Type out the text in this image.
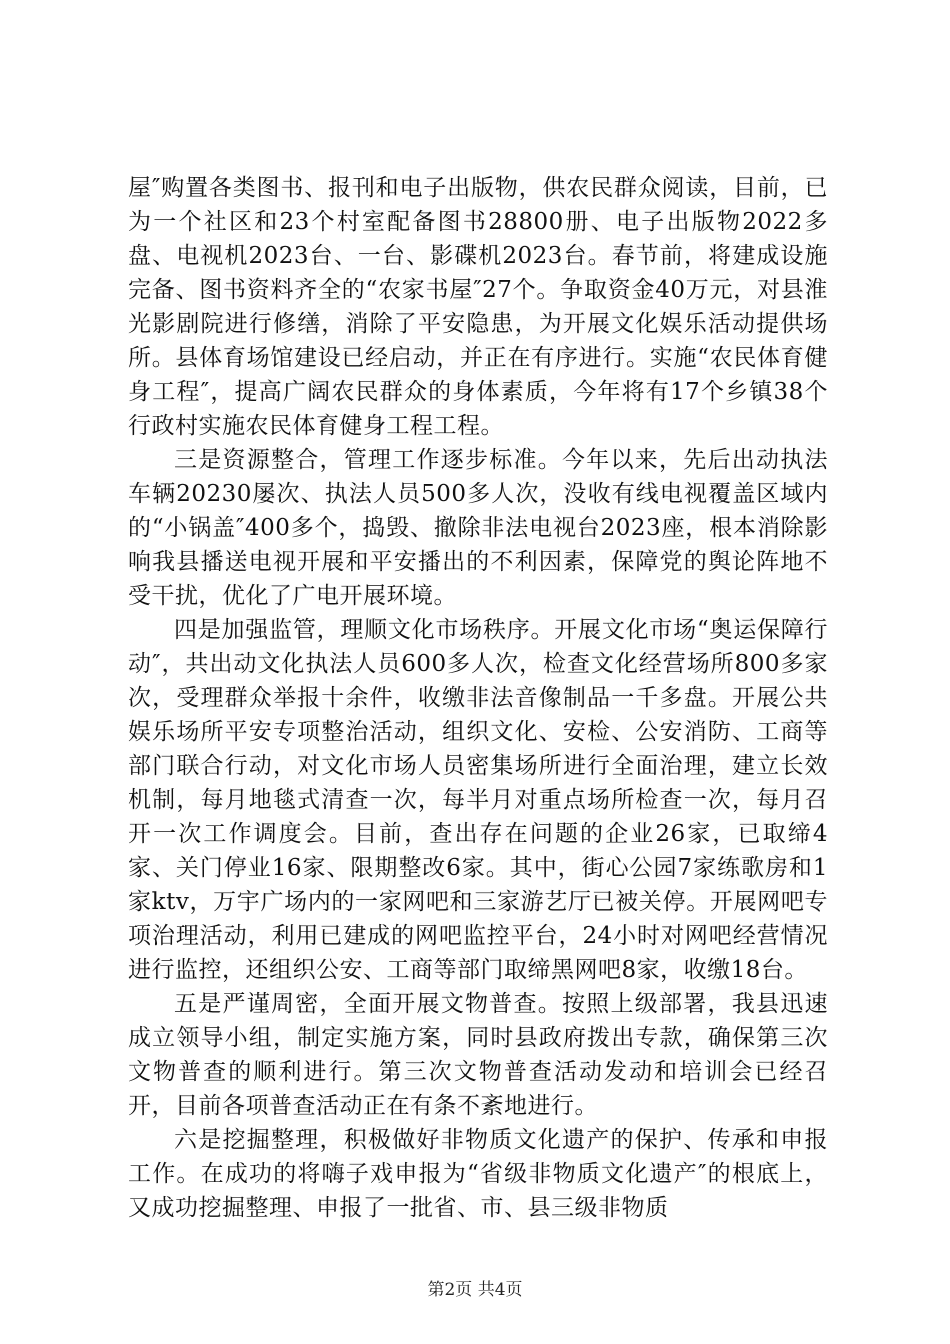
屋″购置各类图书、报刊和电子出版物，供农民群众阅读，目前，已为一个社区和23个村室配备图书28800册、电子出版物2022多盘、电视机2023台、一台、影碟机2023台。春节前，将建成设施完备、图书资料齐全的“农家书屋″27个。争取资金40万元，对县淮光影剧院进行修缮，消除了平安隐患，为开展文化娱乐活动提供场所。县体育场馆建设已经启动，并正在有序进行。实施“农民体育健身工程″，提高广阔农民群众的身体素质，今年将有17个乡镇38个行政村实施农民体育健身工程工程。

三是资源整合，管理工作逐步标准。今年以来，先后出动执法车辆20230屡次、执法人员500多人次，没收有线电视覆盖区域内的“小锅盖″400多个，捣毁、撤除非法电视台2023座，根本消除影响我县播送电视开展和平安播出的不利因素，保障党的舆论阵地不受干扰，优化了广电开展环境。

四是加强监管，理顺文化市场秩序。开展文化市场“奥运保障行动″，共出动文化执法人员600多人次，检查文化经营场所800多家次，受理群众举报十余件，收缴非法音像制品一千多盘。开展公共娱乐场所平安专项整治活动，组织文化、安检、公安消防、工商等部门联合行动，对文化市场人员密集场所进行全面治理，建立长效机制，每月地毯式清查一次，每半月对重点场所检查一次，每月召开一次工作调度会。目前，查出存在问题的企业26家，已取缔4家、关门停业16家、限期整改6家。其中，街心公园7家练歌房和1家ktv，万宇广场内的一家网吧和三家游艺厅已被关停。开展网吧专项治理活动，利用已建成的网吧监控平台，24小时对网吧经营情况进行监控，还组织公安、工商等部门取缔黑网吧8家，收缴18台。

五是严谨周密，全面开展文物普查。按照上级部署，我县迅速成立领导小组，制定实施方案，同时县政府拨出专款，确保第三次文物普查的顺利进行。第三次文物普查活动发动和培训会已经召开，目前各项普查活动正在有条不紊地进行。

六是挖掘整理，积极做好非物质文化遗产的保护、传承和申报工作。在成功的将嗨子戏申报为“省级非物质文化遗产″的根底上，又成功挖掘整理、申报了一批省、市、县三级非物质

第2页 共4页
